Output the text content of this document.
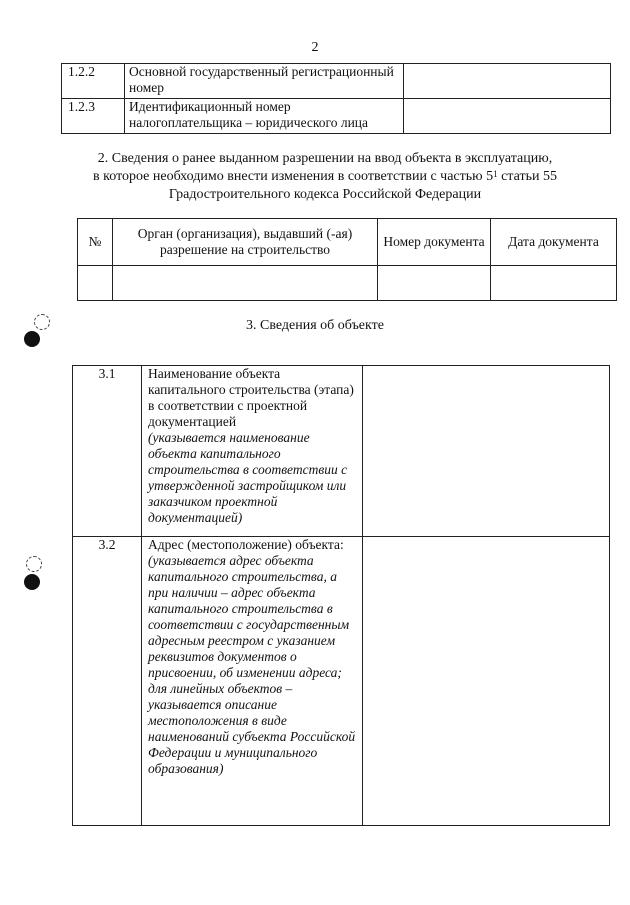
2
1.2.2	Основной государственный регистрационный номер	
1.2.3	Идентификационный номер налогоплательщика – юридического лица	
2. Сведения о ранее выданном разрешении на ввод объекта в эксплуатацию,
в которое необходимо внести изменения в соответствии с частью $5^1$ статьи 55
Градостроительного кодекса Российской Федерации
№	Орган (организация), выдавший (-ая) разрешение на строительство	Номер документа	Дата документа

3. Сведения об объекте
3.1	Наименование объекта капитального строительства (этапа) в соответствии с проектной документацией
(указывается наименование объекта капитального строительства в соответствии с утвержденной застройщиком или заказчиком проектной документацией)	

3.2	Адрес (местоположение) объекта:
(указывается адрес объекта капитального строительства, а при наличии – адрес объекта капитального строительства в соответствии с государственным адресным реестром с указанием реквизитов документов о присвоении, об изменении адреса; для линейных объектов – указывается описание местоположения в виде наименований субъекта Российской Федерации и муниципального образования)	
